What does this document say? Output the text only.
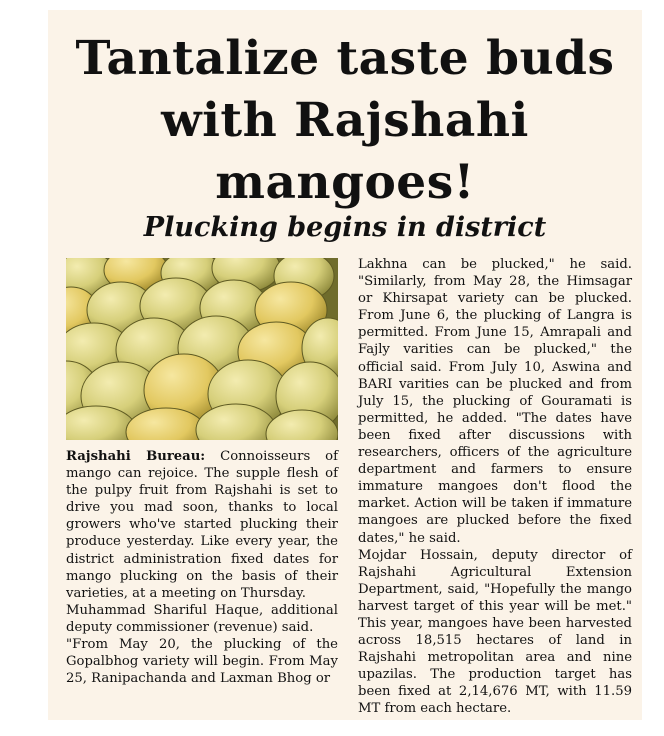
Tantalize taste buds with Rajshahi mangoes!
Plucking begins in district

Rajshahi Bureau: Connoisseurs of mango can rejoice. The supple flesh of the pulpy fruit from Rajshahi is set to drive you mad soon, thanks to local growers who've started plucking their produce yesterday. Like every year, the district administration fixed dates for mango plucking on the basis of their varieties, at a meeting on Thursday.

Muhammad Shariful Haque, additional deputy commissioner (revenue) said.

"From May 20, the plucking of the Gopalbhog variety will begin. From May 25, Ranipachanda and Laxman Bhog or

Lakhna can be plucked," he said. "Similarly, from May 28, the Himsagar or Khirsapat variety can be plucked. From June 6, the plucking of Langra is permitted. From June 15, Amrapali and Fajly varities can be plucked," the official said. From July 10, Aswina and BARI varities can be plucked and from July 15, the plucking of Gouramati is permitted, he added. "The dates have been fixed after discussions with researchers, officers of the agriculture department and farmers to ensure immature mangoes don't flood the market. Action will be taken if immature mangoes are plucked before the fixed dates," he said.

Mojdar Hossain, deputy director of Rajshahi Agricultural Extension Department, said, "Hopefully the mango harvest target of this year will be met." This year, mangoes have been harvested across 18,515 hectares of land in Rajshahi metropolitan area and nine upazilas. The production target has been fixed at 2,14,676 MT, with 11.59 MT from each hectare.
